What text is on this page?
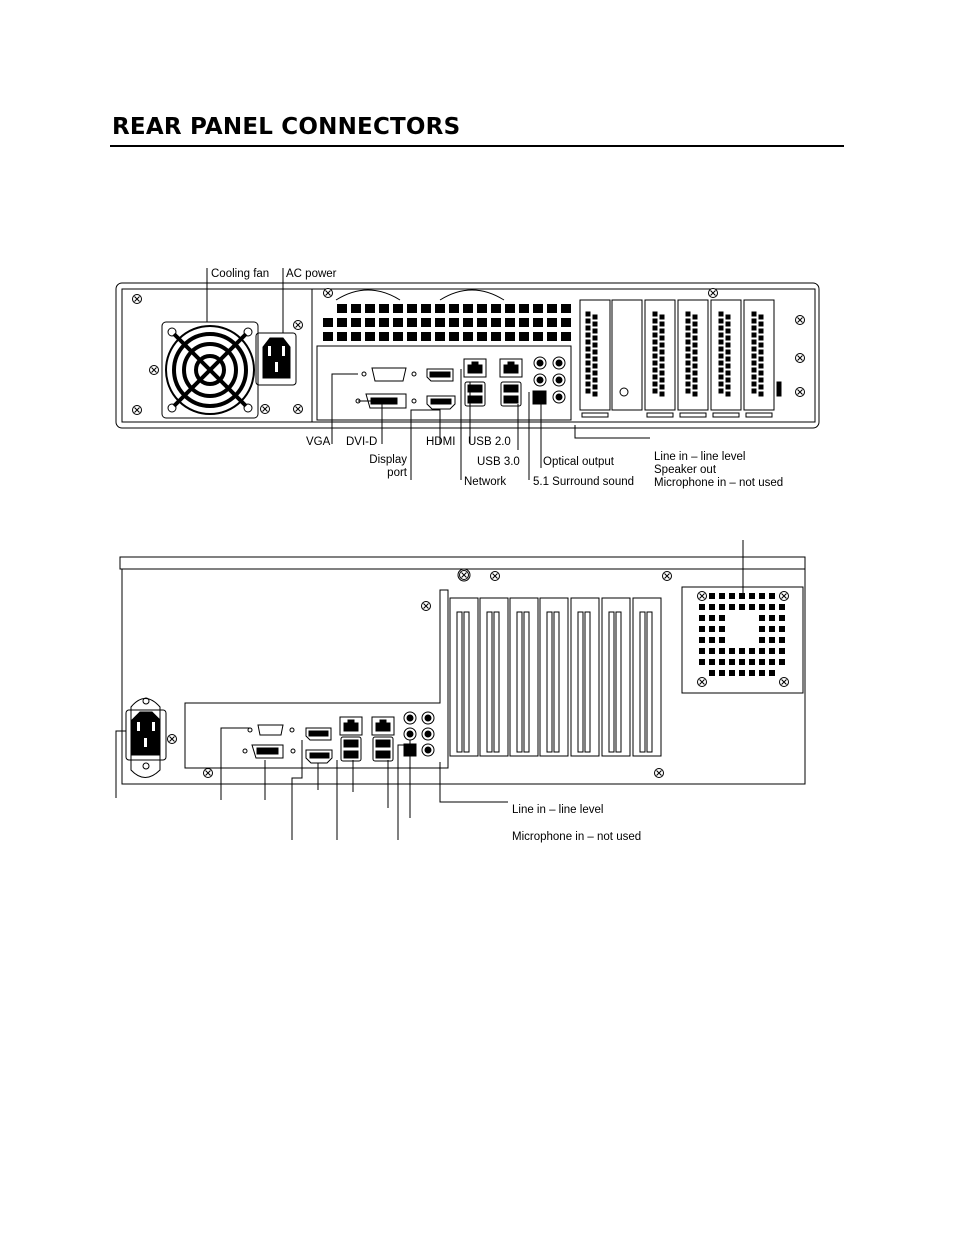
REAR PANEL CONNECTORS
Cooling fan AC power
VGA DVI-D
Display
port
HDMI USB 2.0
USB 3.0
Network
Optical output
5.1 Surround sound
Line in – line level
Speaker out
Microphone in – not used
Line in – line level
Microphone in – not used
